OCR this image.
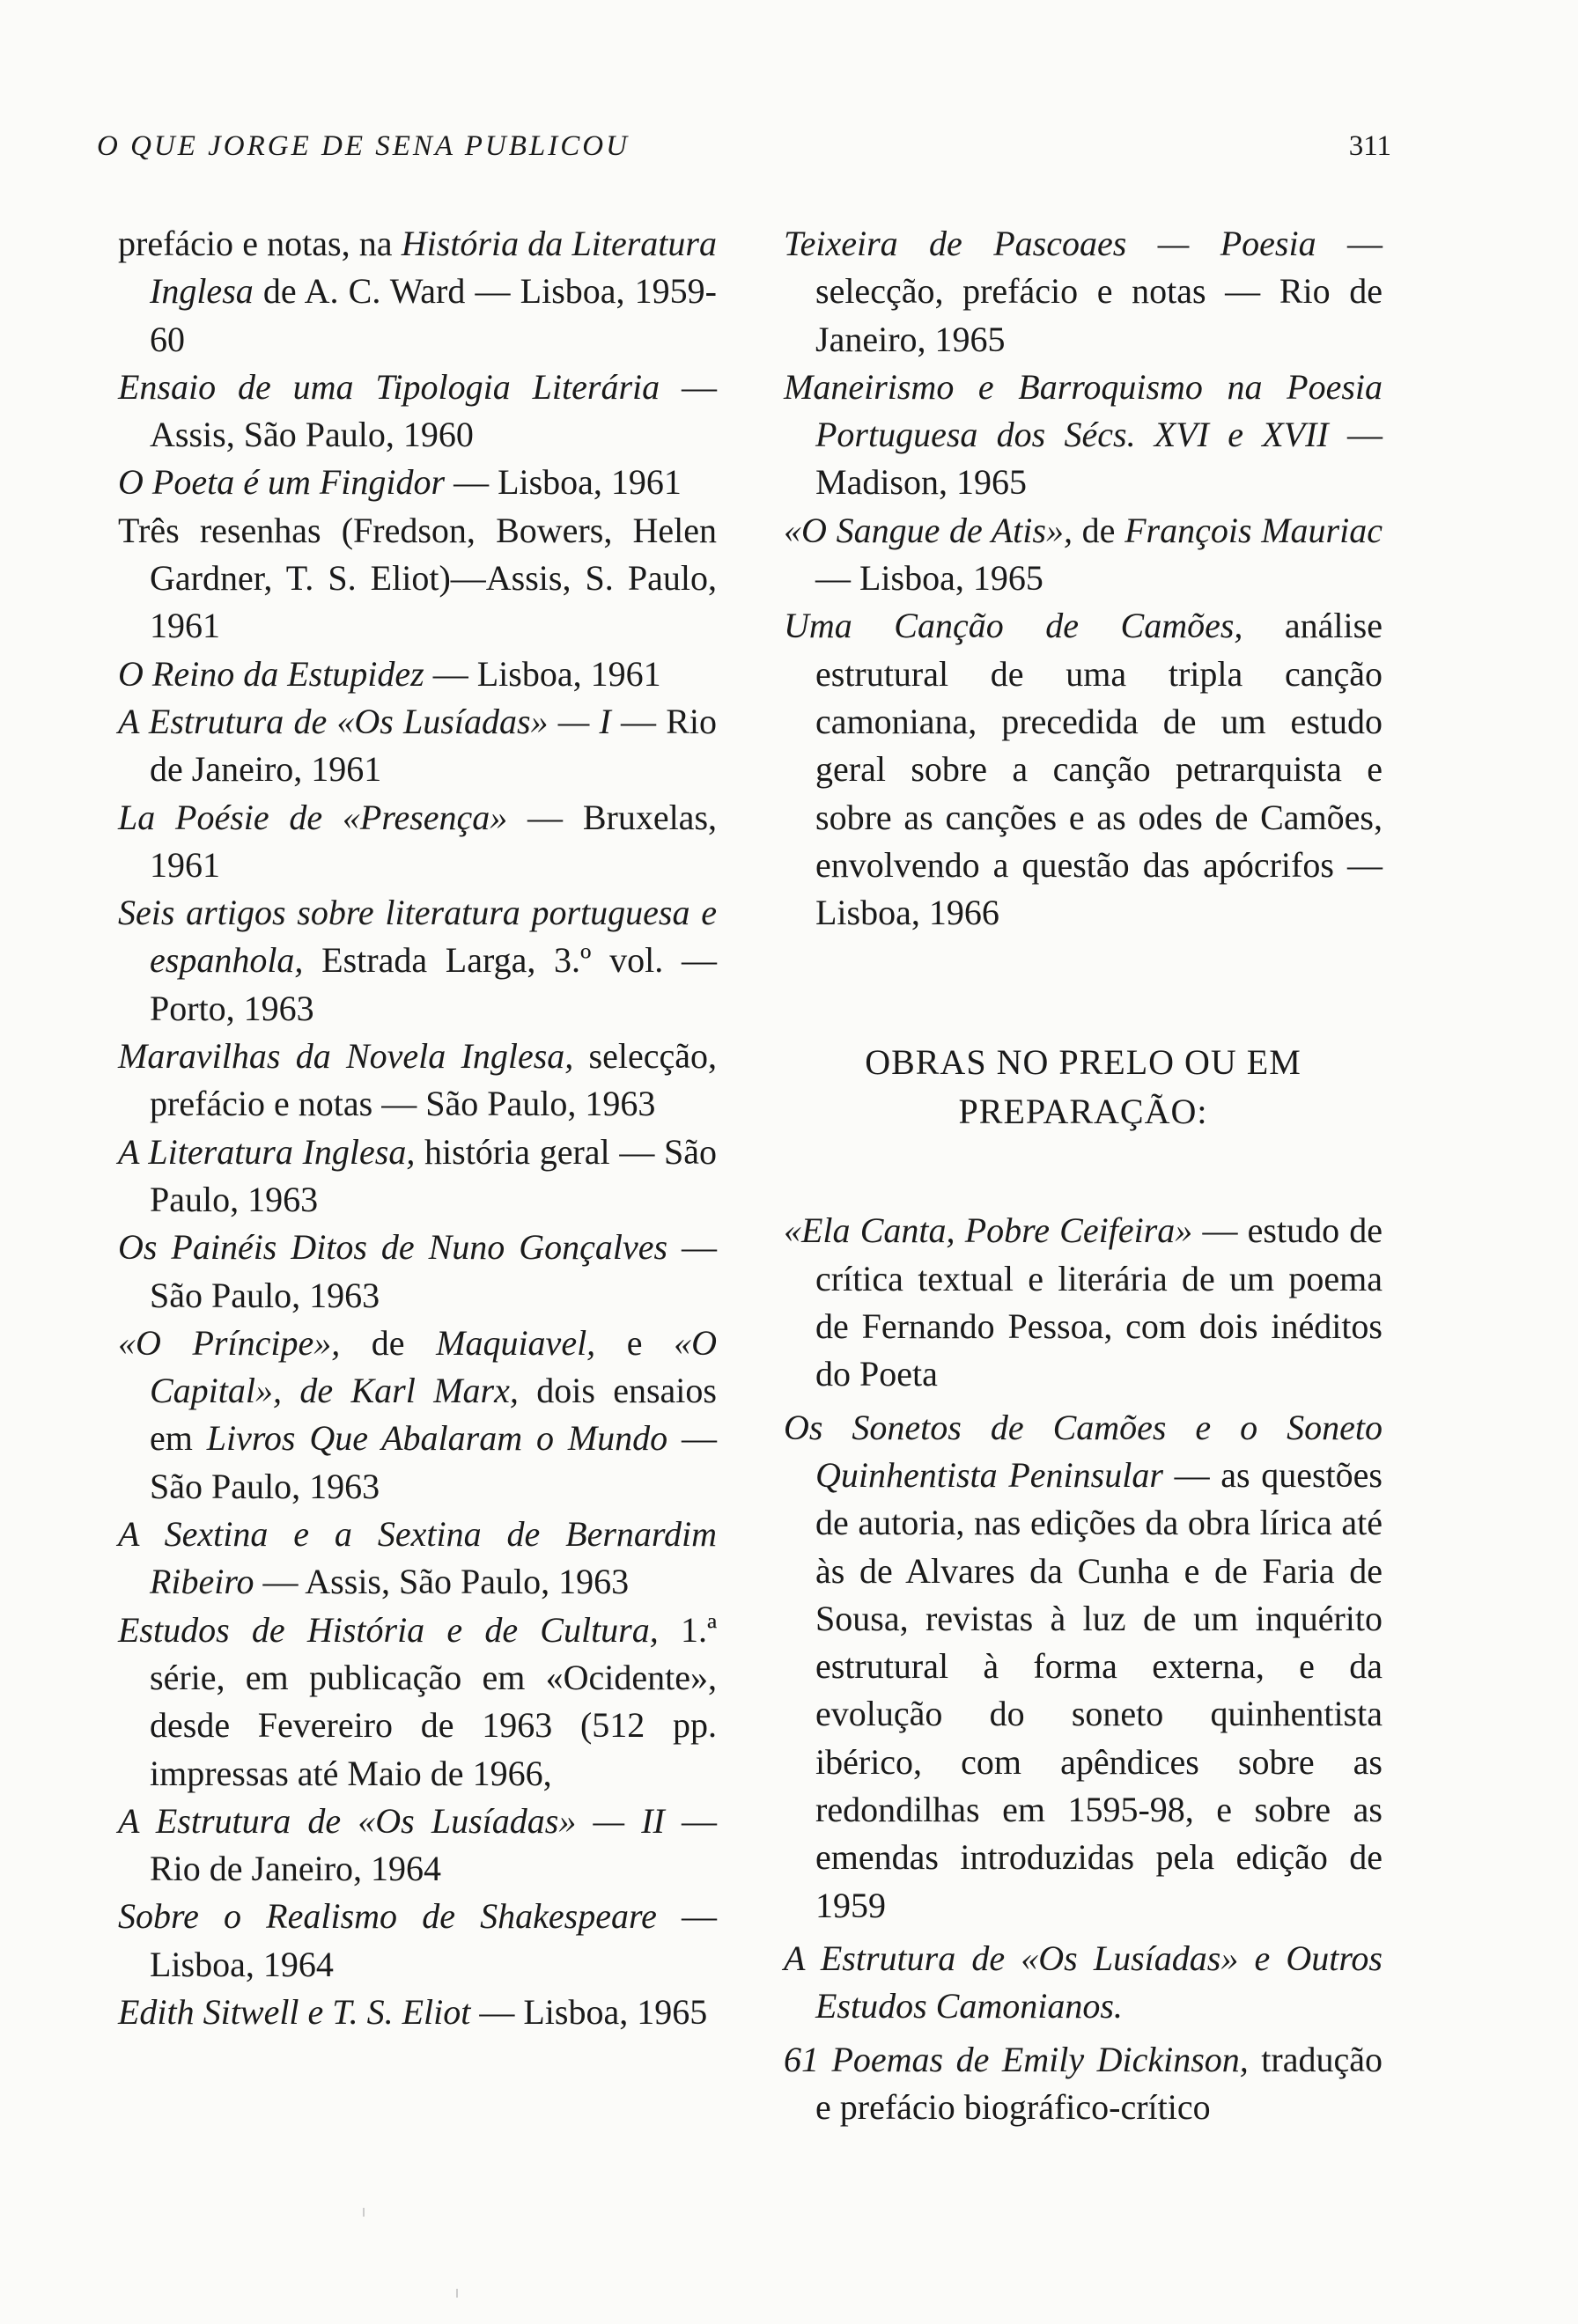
O QUE JORGE DE SENA PUBLICOU	311
prefácio e notas, na História da Literatura Inglesa de A. C. Ward — Lisboa, 1959-60
Ensaio de uma Tipologia Literária — Assis, São Paulo, 1960
O Poeta é um Fingidor — Lisboa, 1961
Três resenhas (Fredson, Bowers, Helen Gardner, T. S. Eliot)—Assis, S. Paulo, 1961
O Reino da Estupidez — Lisboa, 1961
A Estrutura de «Os Lusíadas» — I — Rio de Janeiro, 1961
La Poésie de «Presença» — Bruxelas, 1961
Seis artigos sobre literatura portuguesa e espanhola, Estrada Larga, 3.º vol. — Porto, 1963
Maravilhas da Novela Inglesa, selecção, prefácio e notas — São Paulo, 1963
A Literatura Inglesa, história geral — São Paulo, 1963
Os Painéis Ditos de Nuno Gonçalves — São Paulo, 1963
«O Príncipe», de Maquiavel, e «O Capital», de Karl Marx, dois ensaios em Livros Que Abalaram o Mundo — São Paulo, 1963
A Sextina e a Sextina de Bernardim Ribeiro — Assis, São Paulo, 1963
Estudos de História e de Cultura, 1.ª série, em publicação em «Ocidente», desde Fevereiro de 1963 (512 pp. impressas até Maio de 1966,
A Estrutura de «Os Lusíadas» — II — Rio de Janeiro, 1964
Sobre o Realismo de Shakespeare — Lisboa, 1964
Edith Sitwell e T. S. Eliot — Lisboa, 1965
Teixeira de Pascoaes — Poesia — selecção, prefácio e notas — Rio de Janeiro, 1965
Maneirismo e Barroquismo na Poesia Portuguesa dos Sécs. XVI e XVII — Madison, 1965
«O Sangue de Atis», de François Mauriac — Lisboa, 1965
Uma Canção de Camões, análise estrutural de uma tripla canção camoniana, precedida de um estudo geral sobre a canção petrarquista e sobre as canções e as odes de Camões, envolvendo a questão das apócrifos — Lisboa, 1966
OBRAS NO PRELO OU EM PREPARAÇÃO:
«Ela Canta, Pobre Ceifeira» — estudo de crítica textual e literária de um poema de Fernando Pessoa, com dois inéditos do Poeta
Os Sonetos de Camões e o Soneto Quinhentista Peninsular — as questões de autoria, nas edições da obra lírica até às de Alvares da Cunha e de Faria de Sousa, revistas à luz de um inquérito estrutural à forma externa, e da evolução do soneto quinhentista ibérico, com apêndices sobre as redondilhas em 1595-98, e sobre as emendas introduzidas pela edição de 1959
A Estrutura de «Os Lusíadas» e Outros Estudos Camonianos.
61 Poemas de Emily Dickinson, tradução e prefácio biográfico-crítico
